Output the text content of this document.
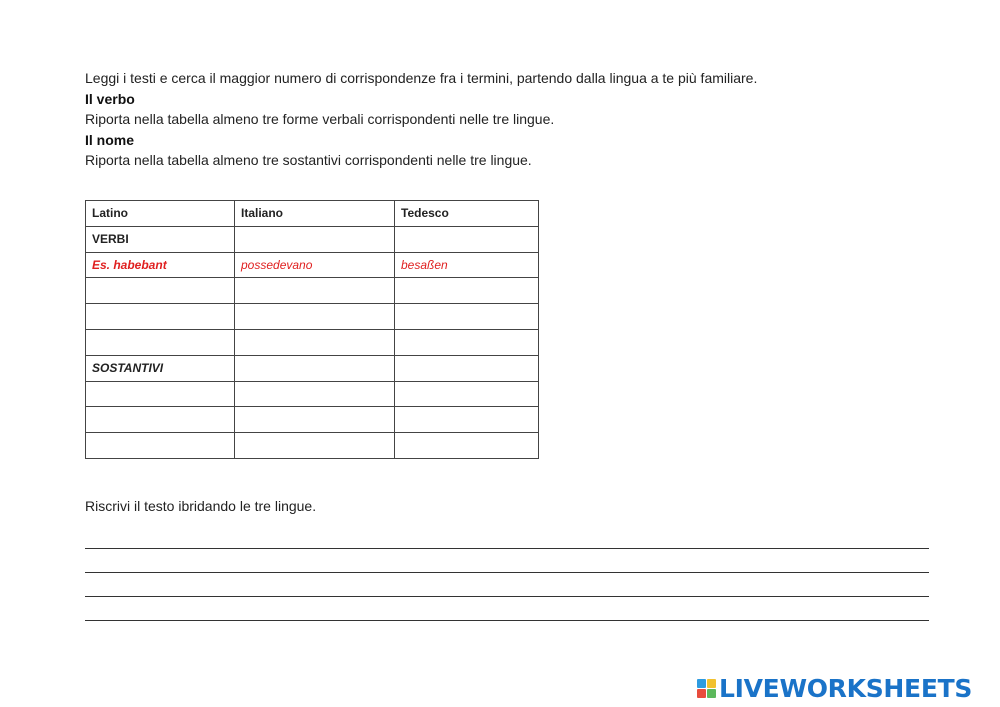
Leggi i testi e cerca il maggior numero di corrispondenze fra i termini, partendo dalla lingua a te più familiare.

Il verbo

Riporta nella tabella almeno tre forme verbali corrispondenti nelle tre lingue.

Il nome

Riporta nella tabella almeno tre sostantivi corrispondenti nelle tre lingue.

Latino	Italiano	Tedesco
VERBI		
Es. habebant	possedevano	besaßen

SOSTANTIVI		

Riscrivi il testo ibridando le tre lingue.

LIVEWORKSHEETS
